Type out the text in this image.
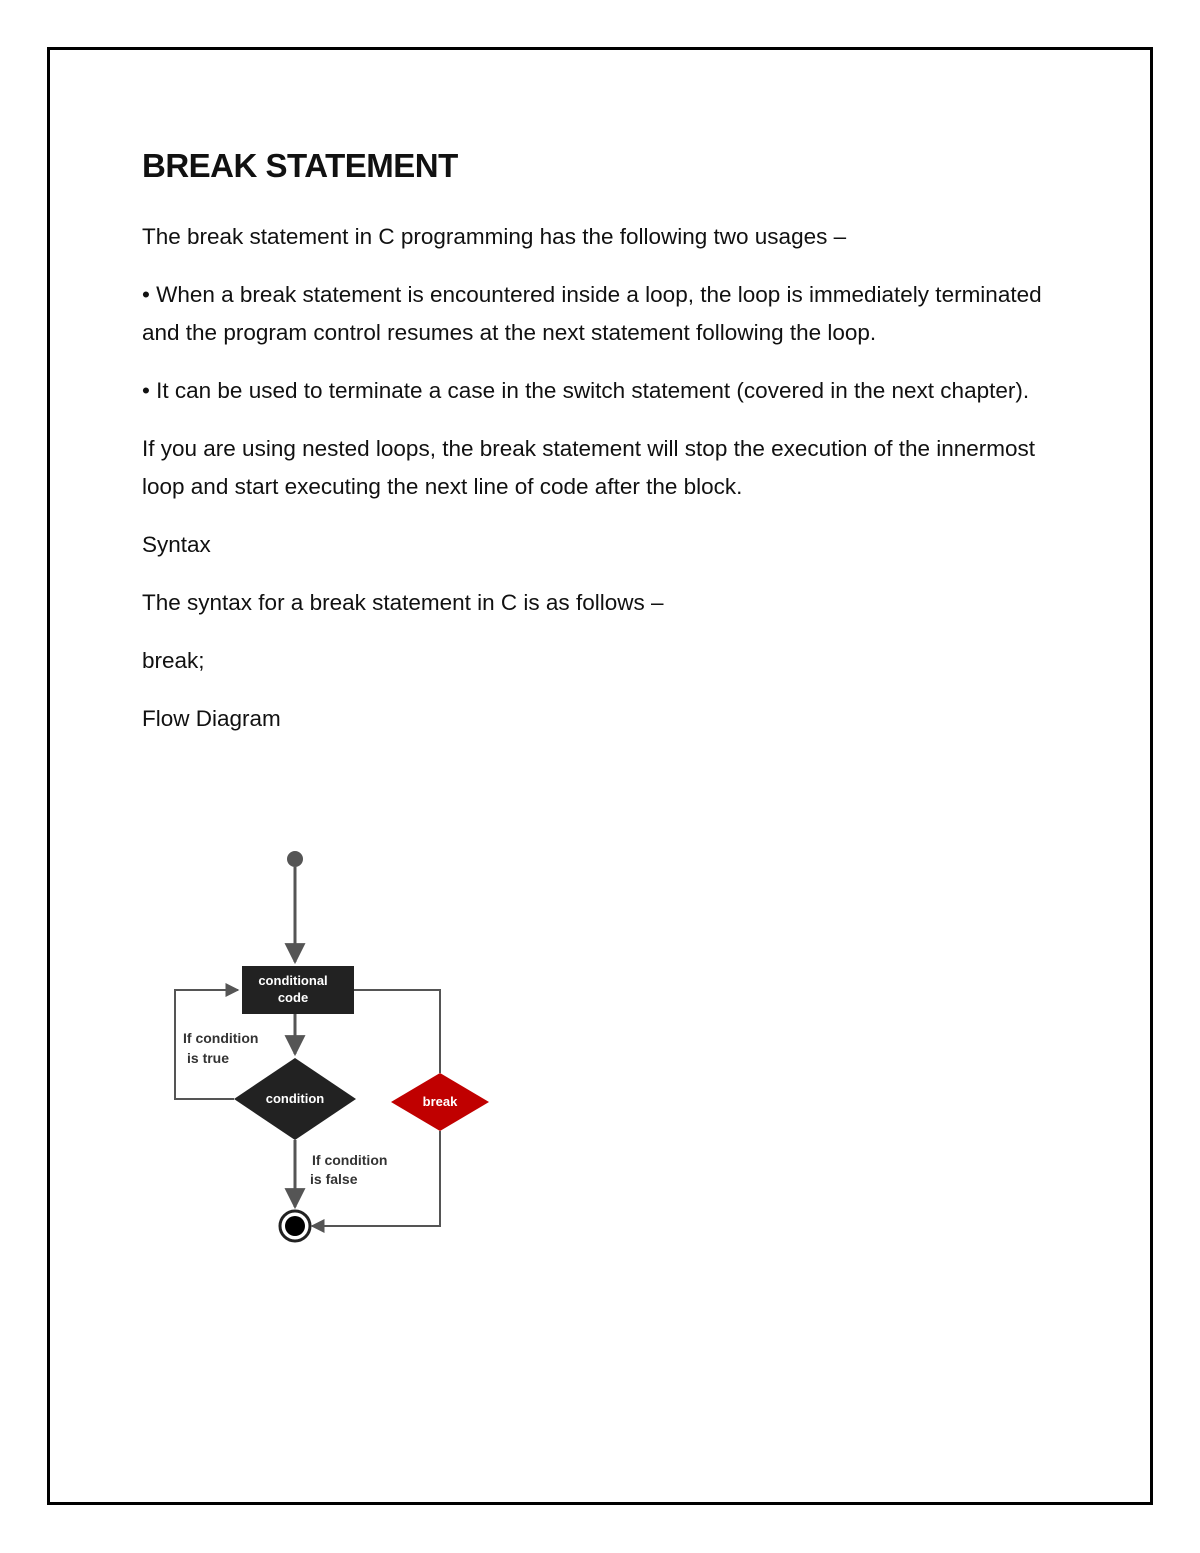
BREAK STATEMENT

The break statement in C programming has the following two usages –

• When a break statement is encountered inside a loop, the loop is immediately terminated and the program control resumes at the next statement following the loop.

• It can be used to terminate a case in the switch statement (covered in the next chapter).

If you are using nested loops, the break statement will stop the execution of the innermost loop and start executing the next line of code after the block.

Syntax

The syntax for a break statement in C is as follows –

break;

Flow Diagram

conditional
code
condition
If condition
is true
break
If condition
is false
